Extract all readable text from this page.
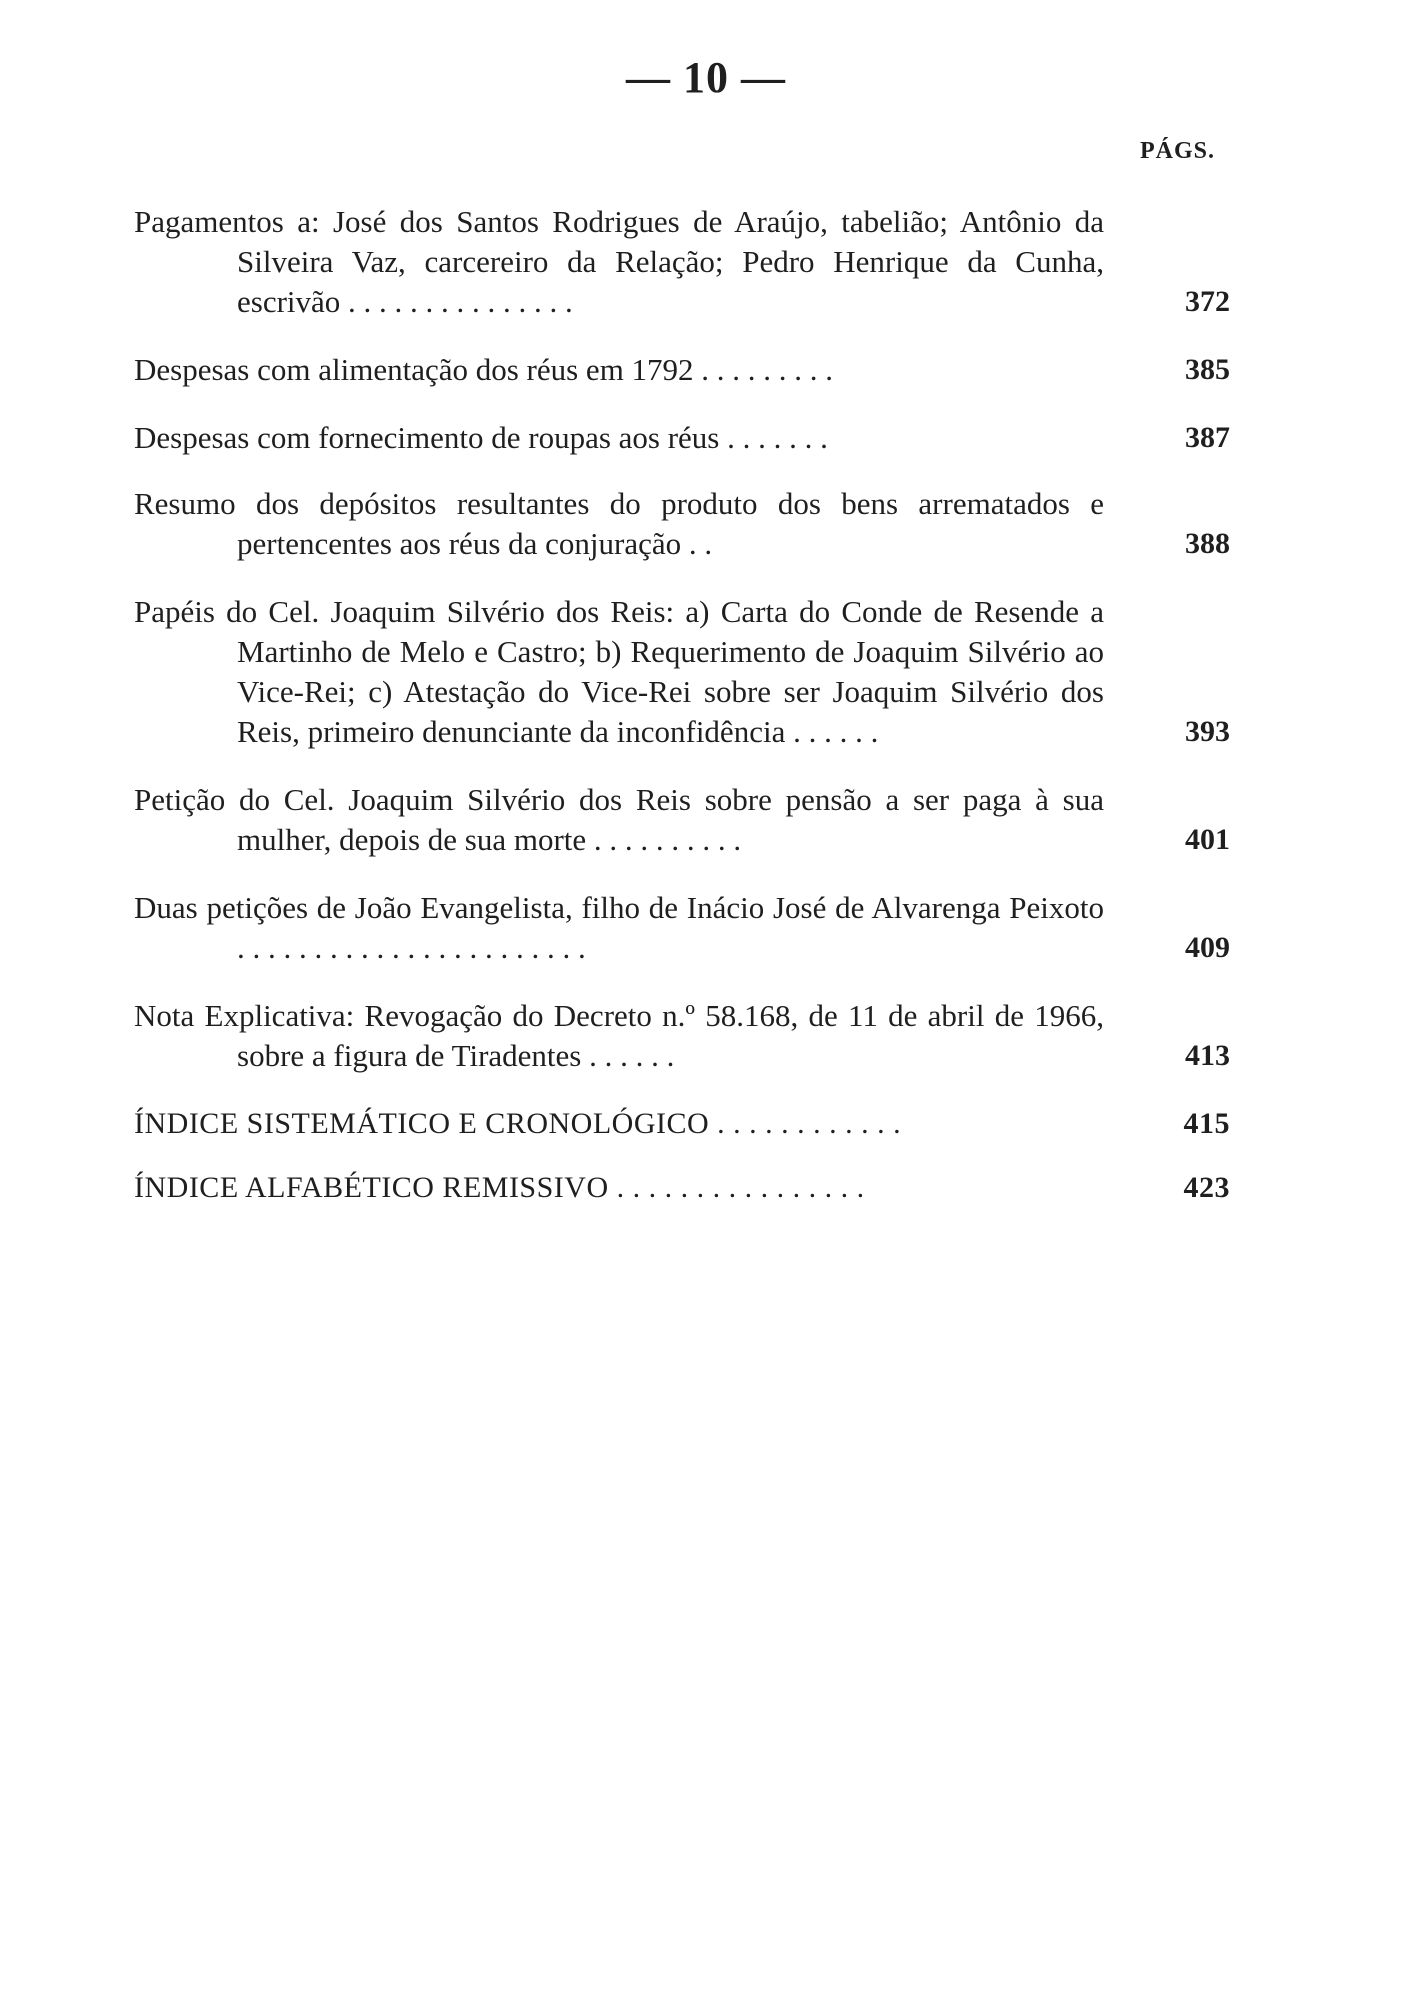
— 10 —
PÁGS.
Pagamentos a: José dos Santos Rodrigues de Araújo, tabelião; Antônio da Silveira Vaz, carcereiro da Relação; Pedro Henrique da Cunha, escrivão . . . . . . . . . . . . . . .	372
Despesas com alimentação dos réus em 1792 . . . . . . . . .	385
Despesas com fornecimento de roupas aos réus . . . . . . .	387
Resumo dos depósitos resultantes do produto dos bens arrematados e pertencentes aos réus da conjuração . .	388
Papéis do Cel. Joaquim Silvério dos Reis: a) Carta do Conde de Resende a Martinho de Melo e Castro; b) Requerimento de Joaquim Silvério ao Vice-Rei; c) Atestação do Vice-Rei sobre ser Joaquim Silvério dos Reis, primeiro denunciante da inconfidência . . . . . .	393
Petição do Cel. Joaquim Silvério dos Reis sobre pensão a ser paga à sua mulher, depois de sua morte . . . . . . . . . .	401
Duas petições de João Evangelista, filho de Inácio José de Alvarenga Peixoto . . . . . . . . . . . . . . . . . . . . . . .	409
Nota Explicativa: Revogação do Decreto n.º 58.168, de 11 de abril de 1966, sobre a figura de Tiradentes . . . . . .	413
ÍNDICE SISTEMÁTICO E CRONOLÓGICO . . . . . . . . . . . .	415
ÍNDICE ALFABÉTICO REMISSIVO . . . . . . . . . . . . . . . .	423
